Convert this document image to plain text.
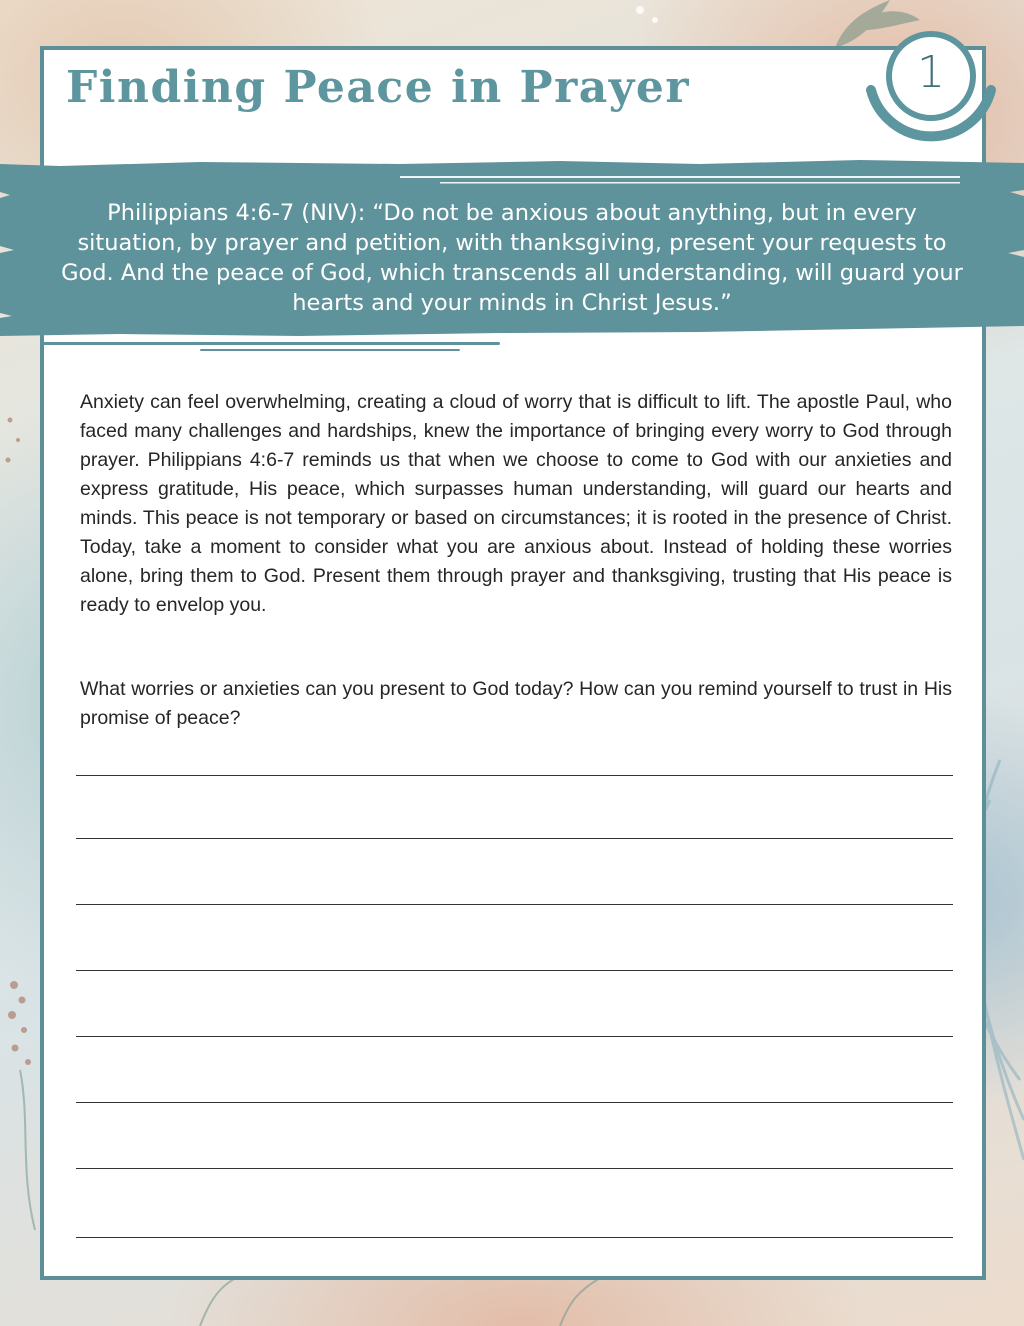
Finding Peace in Prayer	1

Philippians 4:6-7 (NIV): “Do not be anxious about anything, but in every situation, by prayer and petition, with thanksgiving, present your requests to God. And the peace of God, which transcends all understanding, will guard your hearts and your minds in Christ Jesus.”

Anxiety can feel overwhelming, creating a cloud of worry that is difficult to lift. The apostle Paul, who faced many challenges and hardships, knew the importance of bringing every worry to God through prayer. Philippians 4:6-7 reminds us that when we choose to come to God with our anxieties and express gratitude, His peace, which surpasses human understanding, will guard our hearts and minds. This peace is not temporary or based on circumstances; it is rooted in the presence of Christ. Today, take a moment to consider what you are anxious about. Instead of holding these worries alone, bring them to God. Present them through prayer and thanksgiving, trusting that His peace is ready to envelop you.

What worries or anxieties can you present to God today? How can you remind yourself to trust in His promise of peace?
